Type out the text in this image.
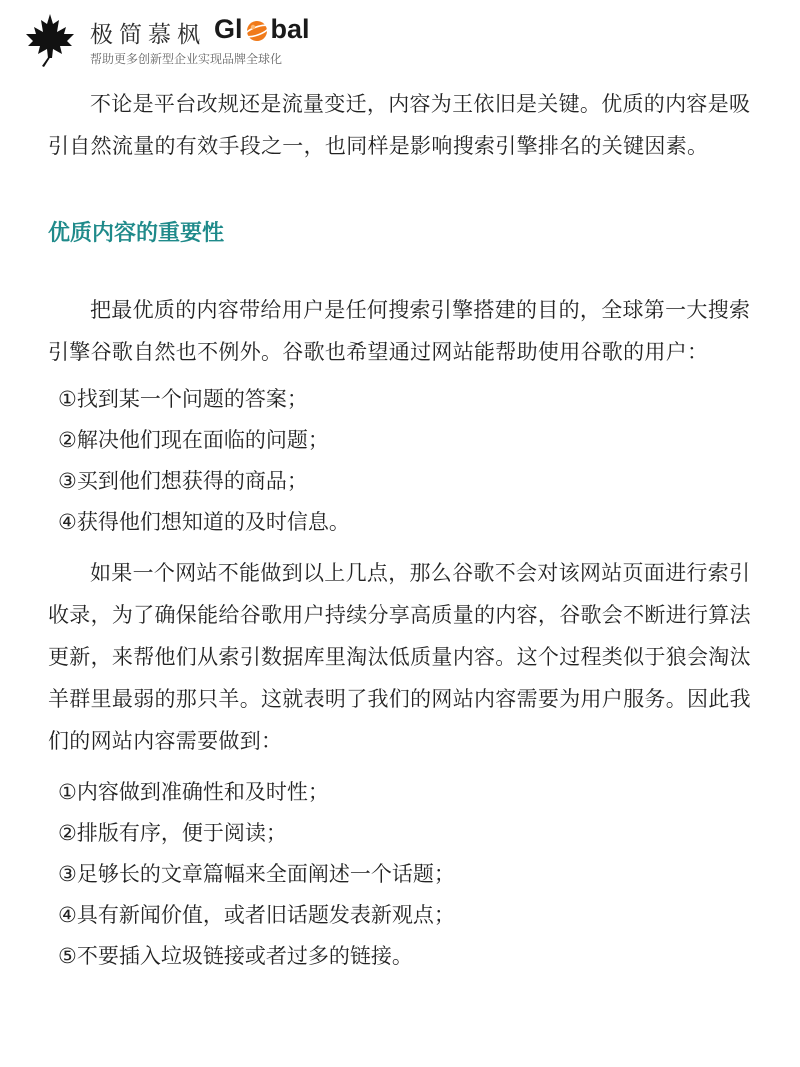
极简慕枫 Gl bal
帮助更多创新型企业实现品牌全球化

不论是平台改规还是流量变迁，内容为王依旧是关键。优质的内容是吸引自然流量的有效手段之一，也同样是影响搜索引擎排名的关键因素。

优质内容的重要性

把最优质的内容带给用户是任何搜索引擎搭建的目的，全球第一大搜索引擎谷歌自然也不例外。谷歌也希望通过网站能帮助使用谷歌的用户：

①找到某一个问题的答案；
②解决他们现在面临的问题；
③买到他们想获得的商品；
④获得他们想知道的及时信息。

如果一个网站不能做到以上几点，那么谷歌不会对该网站页面进行索引收录，为了确保能给谷歌用户持续分享高质量的内容，谷歌会不断进行算法更新，来帮他们从索引数据库里淘汰低质量内容。这个过程类似于狼会淘汰羊群里最弱的那只羊。这就表明了我们的网站内容需要为用户服务。因此我们的网站内容需要做到：

①内容做到准确性和及时性；
②排版有序，便于阅读；
③足够长的文章篇幅来全面阐述一个话题；
④具有新闻价值，或者旧话题发表新观点；
⑤不要插入垃圾链接或者过多的链接。
